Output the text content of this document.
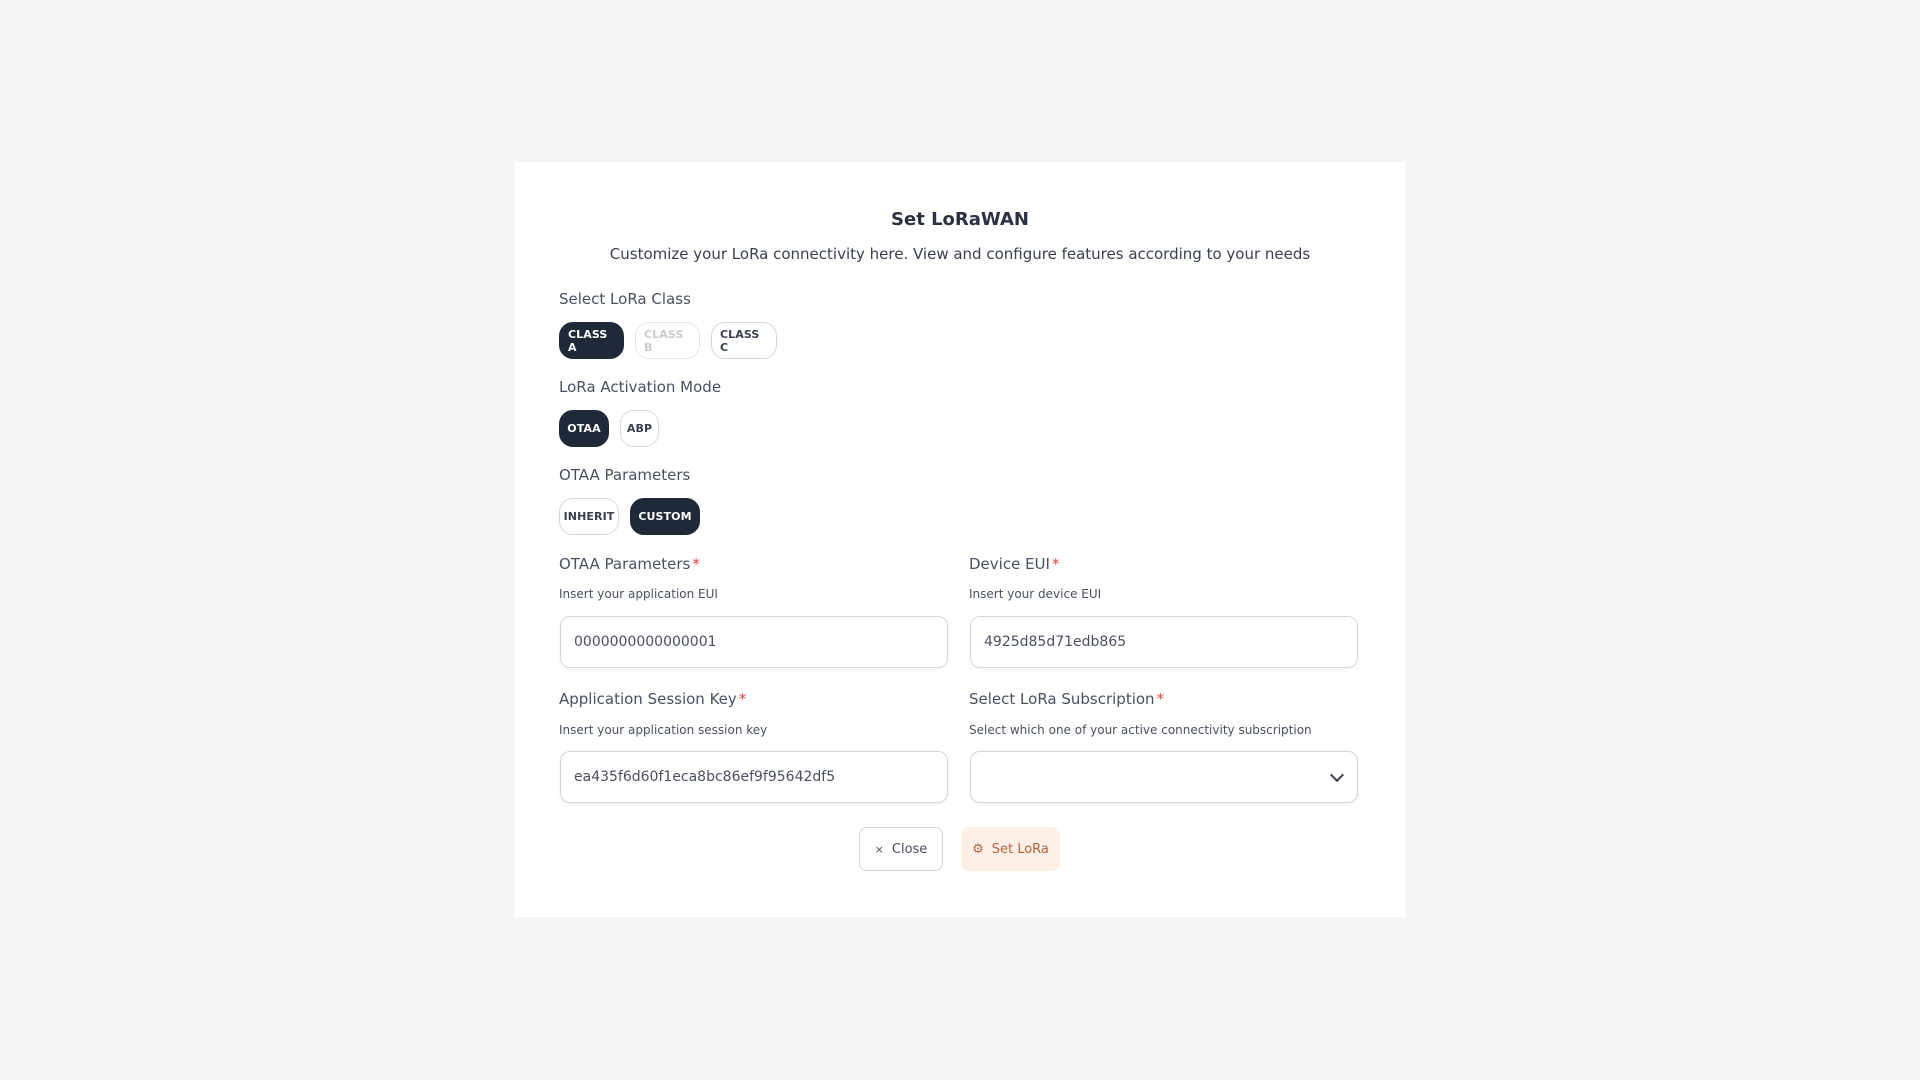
Set LoRaWAN
Customize your LoRa connectivity here. View and configure features according to your needs
Select LoRa Class
CLASS A
CLASS B
CLASS C
LoRa Activation Mode
OTAA	ABP
OTAA Parameters
INHERIT	CUSTOM
OTAA Parameters *
Insert your application EUI
0000000000000001
Device EUI *
Insert your device EUI
4925d85d71edb865
Application Session Key *
Insert your application session key
ea435f6d60f1eca8bc86ef9f95642df5
Select LoRa Subscription *
Select which one of your active connectivity subscription
× Close	⚙ Set LoRa
